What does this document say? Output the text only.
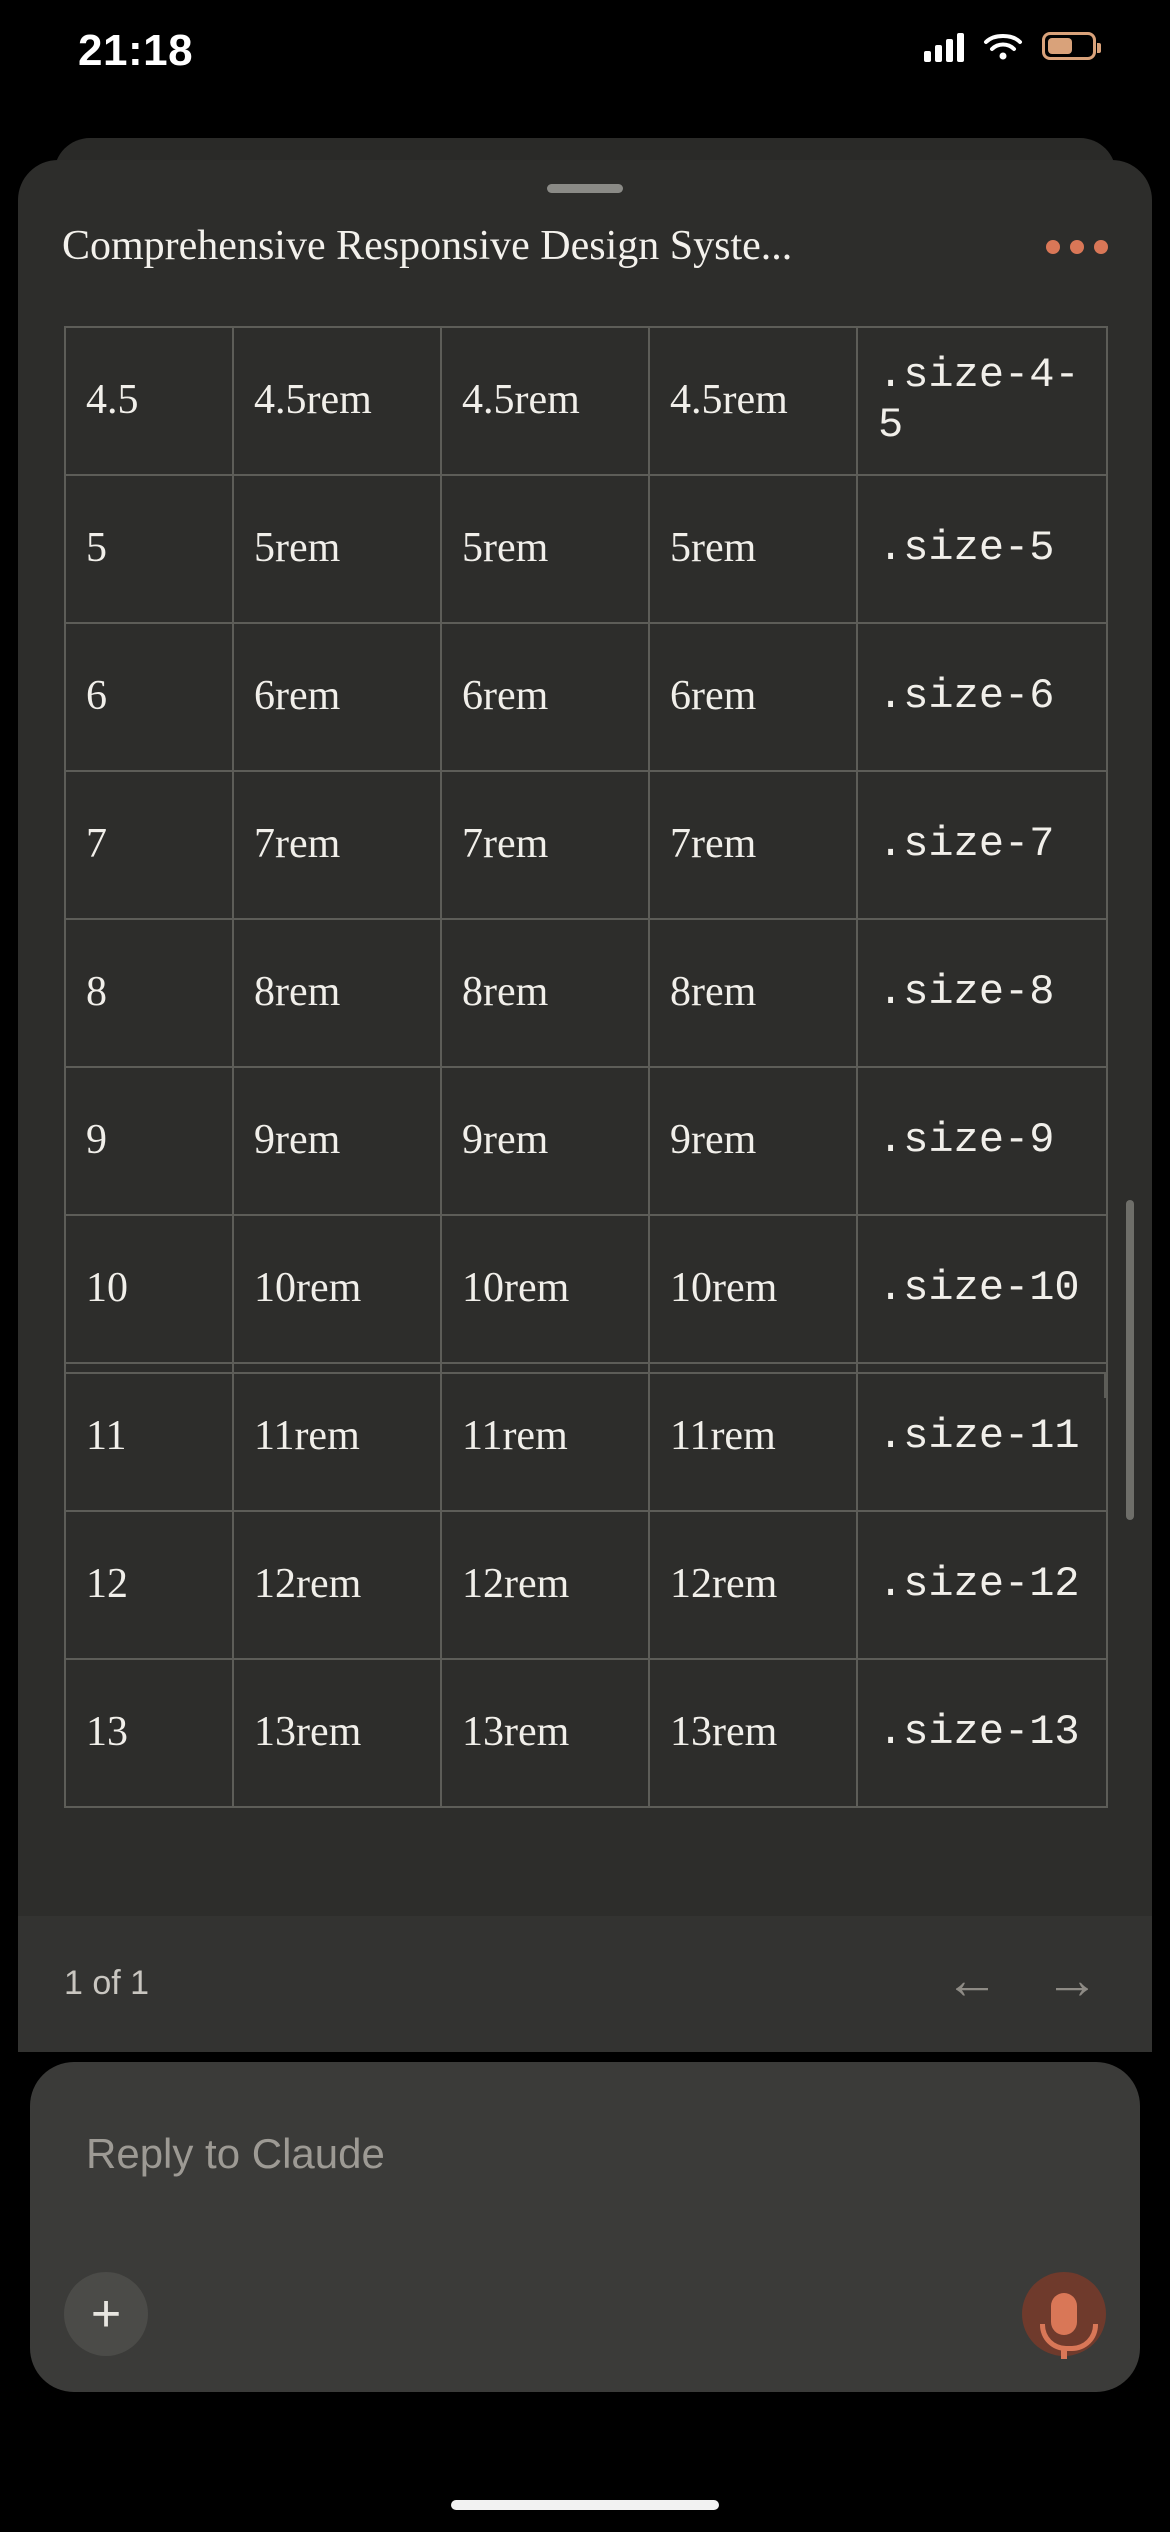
21:18
Comprehensive Responsive Design Syste...
4.5	4.5rem	4.5rem	4.5rem	.size-4-5
5	5rem	5rem	5rem	.size-5
6	6rem	6rem	6rem	.size-6
7	7rem	7rem	7rem	.size-7
8	8rem	8rem	8rem	.size-8
9	9rem	9rem	9rem	.size-9
10	10rem	10rem	10rem	.size-10
11	11rem	11rem	11rem	.size-11
12	12rem	12rem	12rem	.size-12
13	13rem	13rem	13rem	.size-13
1 of 1	← →
Reply to Claude
+
